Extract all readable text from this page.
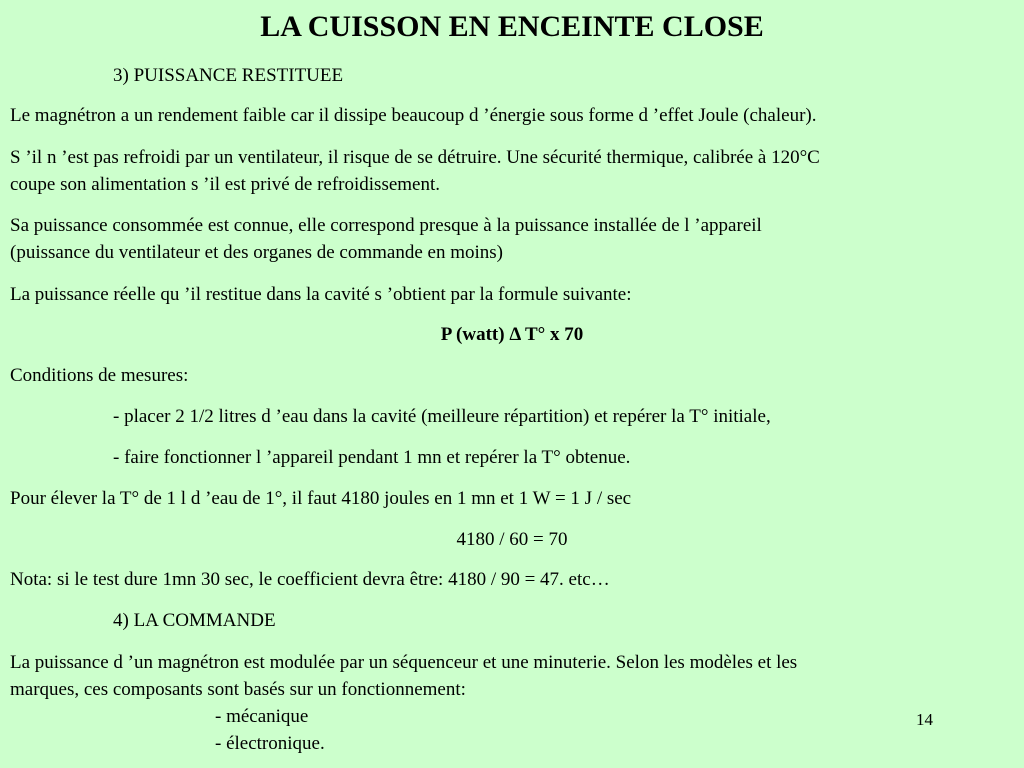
LA CUISSON EN ENCEINTE CLOSE
3) PUISSANCE RESTITUEE
Le magnétron a un rendement faible car il dissipe beaucoup d ’énergie sous forme d ’effet Joule (chaleur).
S ’il n ’est pas refroidi par un ventilateur, il risque de se détruire. Une sécurité thermique, calibrée à 120°C
coupe son alimentation s ’il est privé de refroidissement.
Sa puissance consommée est connue, elle correspond presque à la puissance installée de l ’appareil
(puissance du ventilateur et des organes de commande en moins)
La puissance réelle qu ’il restitue dans la cavité s ’obtient par la formule suivante:
P (watt) Δ T° x 70
Conditions de mesures:
- placer 2 1/2 litres d ’eau dans la cavité (meilleure répartition) et repérer la T° initiale,
- faire fonctionner l ’appareil pendant 1 mn et repérer la T° obtenue.
Pour élever la T° de 1 l d ’eau de 1°, il faut 4180 joules en 1 mn et 1 W = 1 J / sec
4180 / 60 = 70
Nota: si le test dure 1mn 30 sec, le coefficient devra être: 4180 / 90 = 47. etc…
4) LA COMMANDE
La puissance d ’un magnétron est modulée par un séquenceur et une minuterie. Selon les modèles et les
marques, ces composants sont basés sur un fonctionnement:
- mécanique
- électronique.
14
